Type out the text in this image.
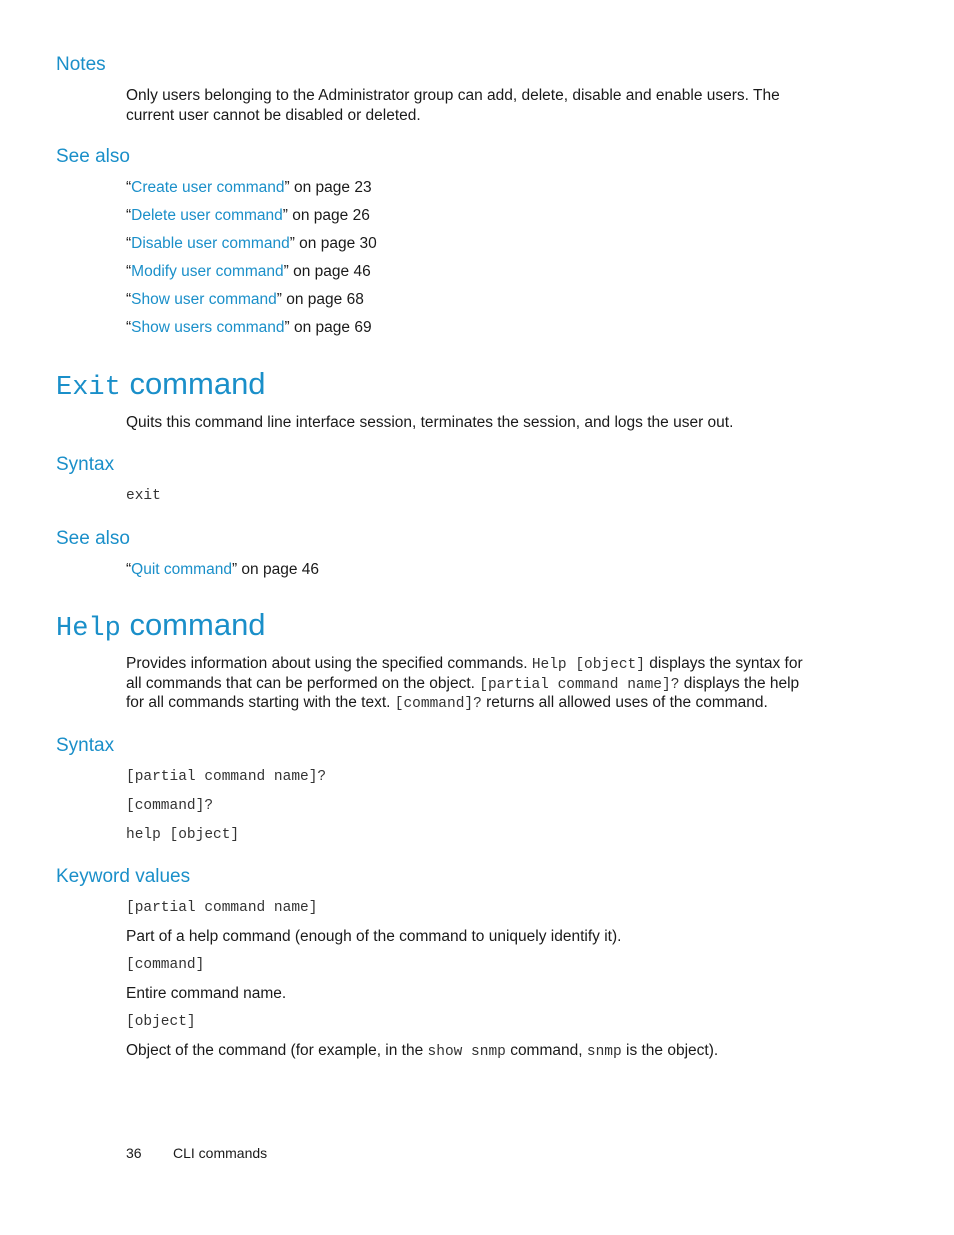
Notes
Only users belonging to the Administrator group can add, delete, disable and enable users. The current user cannot be disabled or deleted.
See also
“Create user command” on page 23
“Delete user command” on page 26
“Disable user command” on page 30
“Modify user command” on page 46
“Show user command” on page 68
“Show users command” on page 69
Exit command
Quits this command line interface session, terminates the session, and logs the user out.
Syntax
exit
See also
“Quit command” on page 46
Help command
Provides information about using the specified commands. Help [object] displays the syntax for
all commands that can be performed on the object. [partial command name]? displays the help
for all commands starting with the text. [command]? returns all allowed uses of the command.
Syntax
[partial command name]?
[command]?
help [object]
Keyword values
[partial command name]
Part of a help command (enough of the command to uniquely identify it).
[command]
Entire command name.
[object]
Object of the command (for example, in the show snmp command, snmp is the object).
36 CLI commands
